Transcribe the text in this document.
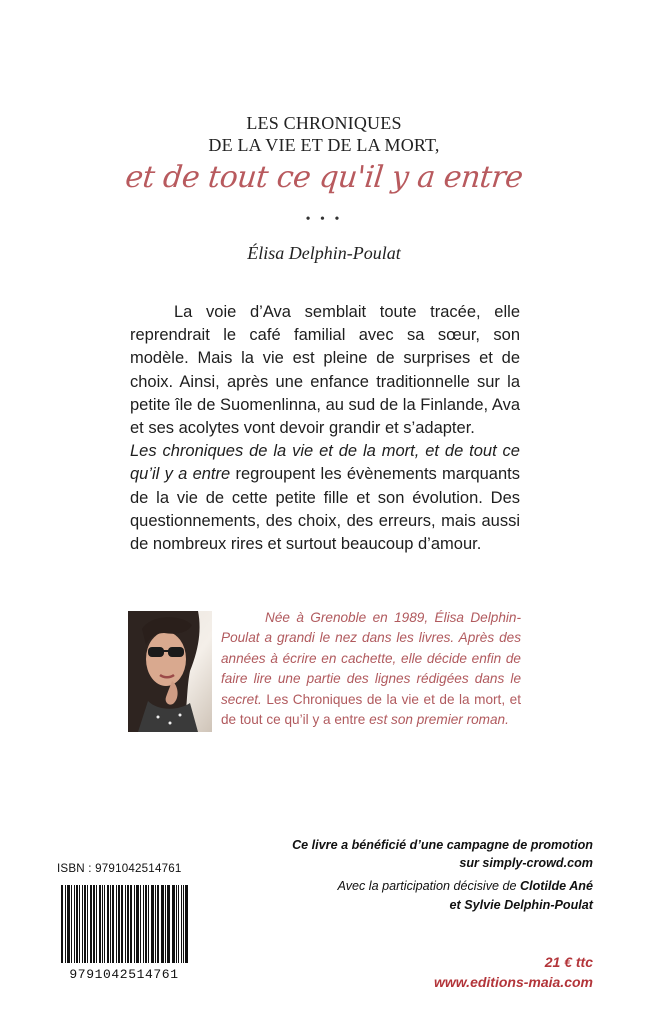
LES CHRONIQUES
DE LA VIE ET DE LA MORT,
et de tout ce qu'il y a entre
• • •
Élisa Delphin-Poulat

La voie d’Ava semblait toute tracée, elle reprendrait le café familial avec sa sœur, son modèle. Mais la vie est pleine de surprises et de choix. Ainsi, après une enfance traditionnelle sur la petite île de Suomenlinna, au sud de la Finlande, Ava et ses acolytes vont devoir grandir et s’adapter.

Les chroniques de la vie et de la mort, et de tout ce qu’il y a entre regroupent les évènements marquants de la vie de cette petite fille et son évolution. Des questionnements, des choix, des erreurs, mais aussi de nombreux rires et surtout beaucoup d’amour.

Née à Grenoble en 1989, Élisa Delphin-Poulat a grandi le nez dans les livres. Après des années à écrire en cachette, elle décide enfin de faire lire une partie des lignes rédigées dans le secret. Les Chroniques de la vie et de la mort, et de tout ce qu’il y a entre est son premier roman.

Ce livre a bénéficié d’une campagne de promotion
sur simply-crowd.com
ISBN : 9791042514761
Avec la participation décisive de Clotilde Ané
et Sylvie Delphin-Poulat
9791042514761
21 € ttc
www.editions-maia.com
